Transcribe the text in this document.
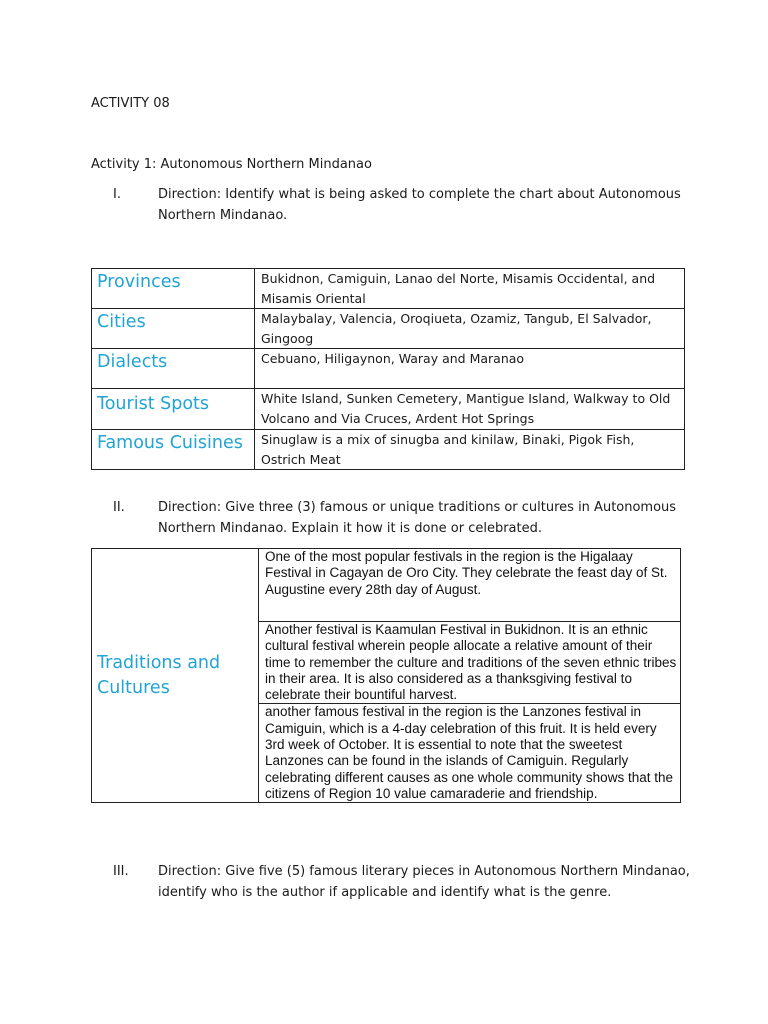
ACTIVITY 08
Activity 1: Autonomous Northern Mindanao
I.	Direction: Identify what is being asked to complete the chart about Autonomous Northern Mindanao.
Provinces	Bukidnon, Camiguin, Lanao del Norte, Misamis Occidental, and Misamis Oriental
Cities	Malaybalay, Valencia, Oroqiueta, Ozamiz, Tangub, El Salvador, Gingoog
Dialects	Cebuano, Hiligaynon, Waray and Maranao
Tourist Spots	White Island, Sunken Cemetery, Mantigue Island, Walkway to Old Volcano and Via Cruces, Ardent Hot Springs
Famous Cuisines	Sinuglaw is a mix of sinugba and kinilaw, Binaki, Pigok Fish, Ostrich Meat
II.	Direction: Give three (3) famous or unique traditions or cultures in Autonomous Northern Mindanao. Explain it how it is done or celebrated.
Traditions and Cultures	One of the most popular festivals in the region is the Higalaay Festival in Cagayan de Oro City. They celebrate the feast day of St. Augustine every 28th day of August.
Another festival is Kaamulan Festival in Bukidnon. It is an ethnic cultural festival wherein people allocate a relative amount of their time to remember the culture and traditions of the seven ethnic tribes in their area. It is also considered as a thanksgiving festival to celebrate their bountiful harvest.
another famous festival in the region is the Lanzones festival in Camiguin, which is a 4-day celebration of this fruit. It is held every 3rd week of October. It is essential to note that the sweetest Lanzones can be found in the islands of Camiguin. Regularly celebrating different causes as one whole community shows that the citizens of Region 10 value camaraderie and friendship.
III. Direction: Give five (5) famous literary pieces in Autonomous Northern Mindanao, identify who is the author if applicable and identify what is the genre.
